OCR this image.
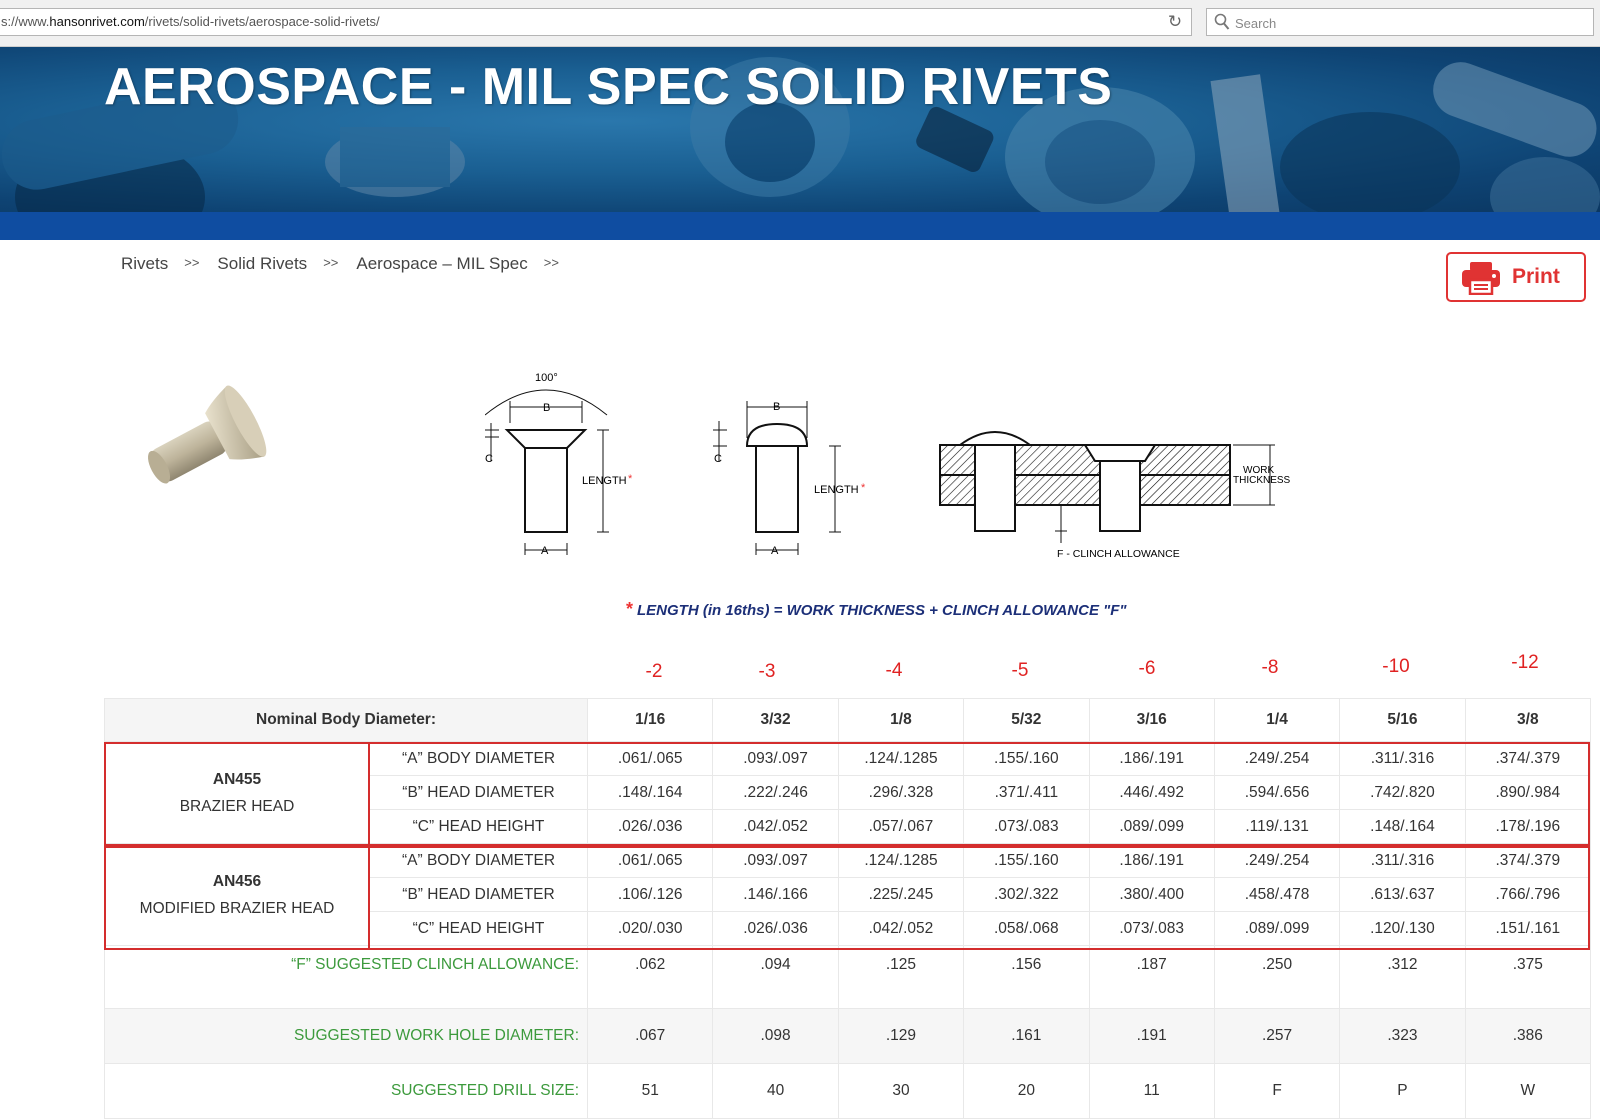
s://www.hansonrivet.com/rivets/solid-rivets/aerospace-solid-rivets/	↻
Search
AEROSPACE - MIL SPEC SOLID RIVETS
Rivets >> Solid Rivets >> Aerospace – MIL Spec >>
Print
100°
B
LENGTH *
A
C
B
LENGTH *
A
C
WORK
THICKNESS
F - CLINCH ALLOWANCE
* LENGTH (in 16ths) = WORK THICKNESS + CLINCH ALLOWANCE "F"
-2	-3	-4	-5	-6	-8	-10	-12
Nominal Body Diameter:		1/16	3/32	1/8	5/32	3/16	1/4	5/16	3/8
AN455
BRAZIER HEAD	“A” BODY DIAMETER	.061/.065	.093/.097	.124/.1285	.155/.160	.186/.191	.249/.254	.311/.316	.374/.379
	“B” HEAD DIAMETER	.148/.164	.222/.246	.296/.328	.371/.411	.446/.492	.594/.656	.742/.820	.890/.984
	“C” HEAD HEIGHT	.026/.036	.042/.052	.057/.067	.073/.083	.089/.099	.119/.131	.148/.164	.178/.196
AN456
MODIFIED BRAZIER HEAD	“A” BODY DIAMETER	.061/.065	.093/.097	.124/.1285	.155/.160	.186/.191	.249/.254	.311/.316	.374/.379
	“B” HEAD DIAMETER	.106/.126	.146/.166	.225/.245	.302/.322	.380/.400	.458/.478	.613/.637	.766/.796
	“C” HEAD HEIGHT	.020/.030	.026/.036	.042/.052	.058/.068	.073/.083	.089/.099	.120/.130	.151/.161
“F” SUGGESTED CLINCH ALLOWANCE:		.062	.094	.125	.156	.187	.250	.312	.375
SUGGESTED WORK HOLE DIAMETER:		.067	.098	.129	.161	.191	.257	.323	.386
SUGGESTED DRILL SIZE:		51	40	30	20	11	F	P	W
